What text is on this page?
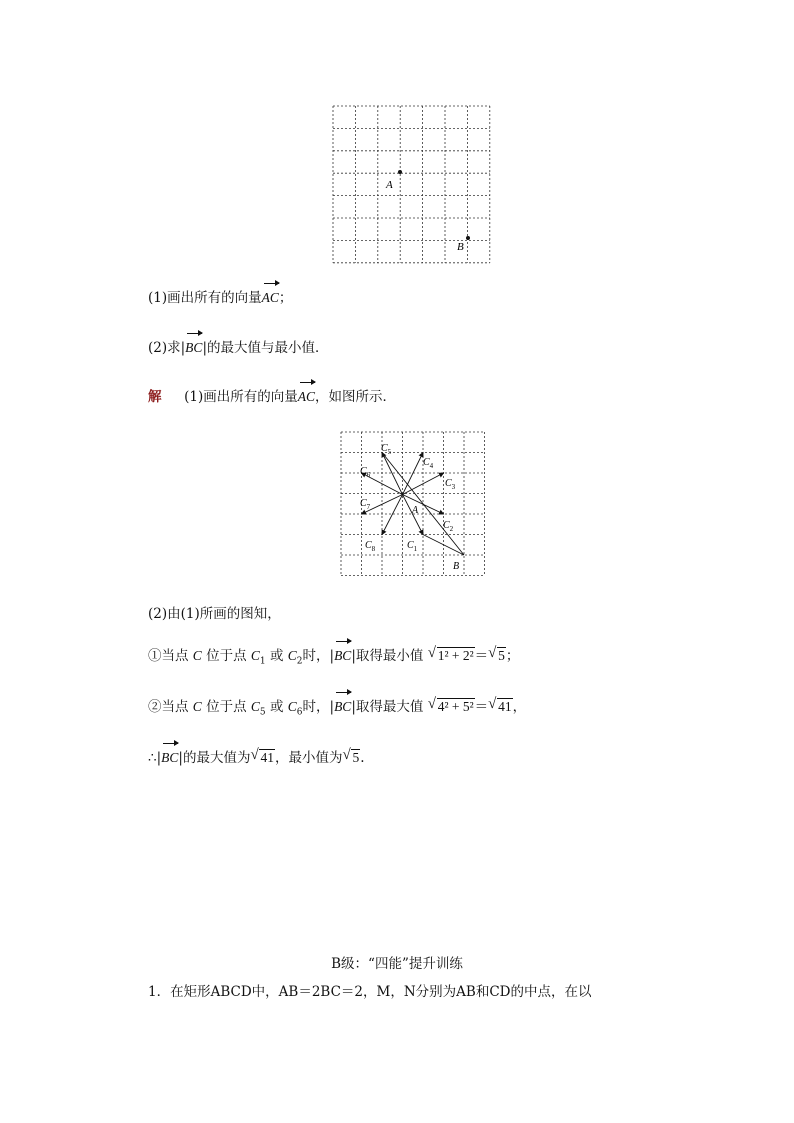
A
B
(1)画出所有的向量AC；
(2)求|BC|的最大值与最小值．
解 (1)画出所有的向量AC，如图所示．
$C_5$
$C_4$
$C_6$
$C_3$
$C_7$	A
$C_2$
$C_8$	$C_1$
B
(2)由(1)所画的图知，
①当点 C 位于点 $C_1$ 或 $C_2$时，|BC|取得最小值 √ 1² + 2²＝ √ 5；
②当点 C 位于点 $C_5$ 或 $C_6$时，|BC|取得最大值 √ 4² + 5²＝ √ 41，
∴|BC|的最大值为 √ 41，最小值为 √ 5.
B级：“四能”提升训练
1．在矩形ABCD中，AB＝2BC＝2，M，N分别为AB和CD的中点，在以
